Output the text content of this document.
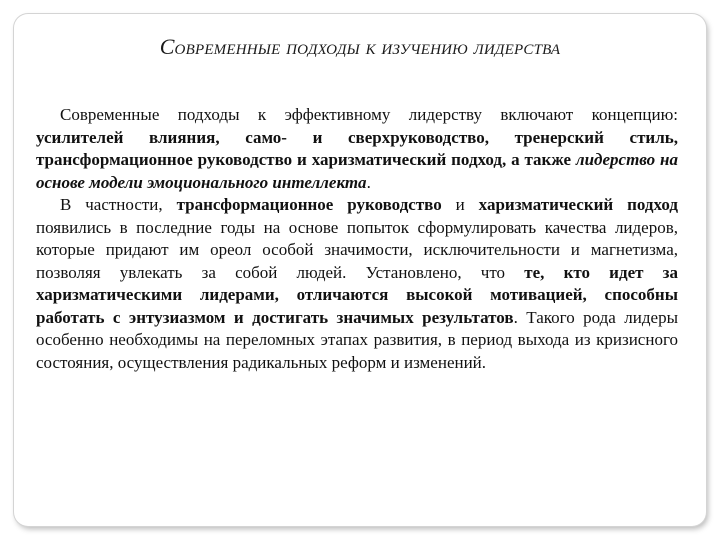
Современные подходы к изучению лидерства

Современные подходы к эффективному лидерству включают концепцию: усилителей влияния, само- и сверхруководство, тренерский стиль, трансформационное руководство и харизматический подход, а также лидерство на основе модели эмоционального интеллекта.

В частности, трансформационное руководство и харизматический подход появились в последние годы на основе попыток сформулировать качества лидеров, которые придают им ореол особой значимости, исключительности и магнетизма, позволяя увлекать за собой людей. Установлено, что те, кто идет за харизматическими лидерами, отличаются высокой мотивацией, способны работать с энтузиазмом и достигать значимых результатов. Такого рода лидеры особенно необходимы на переломных этапах развития, в период выхода из кризисного состояния, осуществления радикальных реформ и изменений.
